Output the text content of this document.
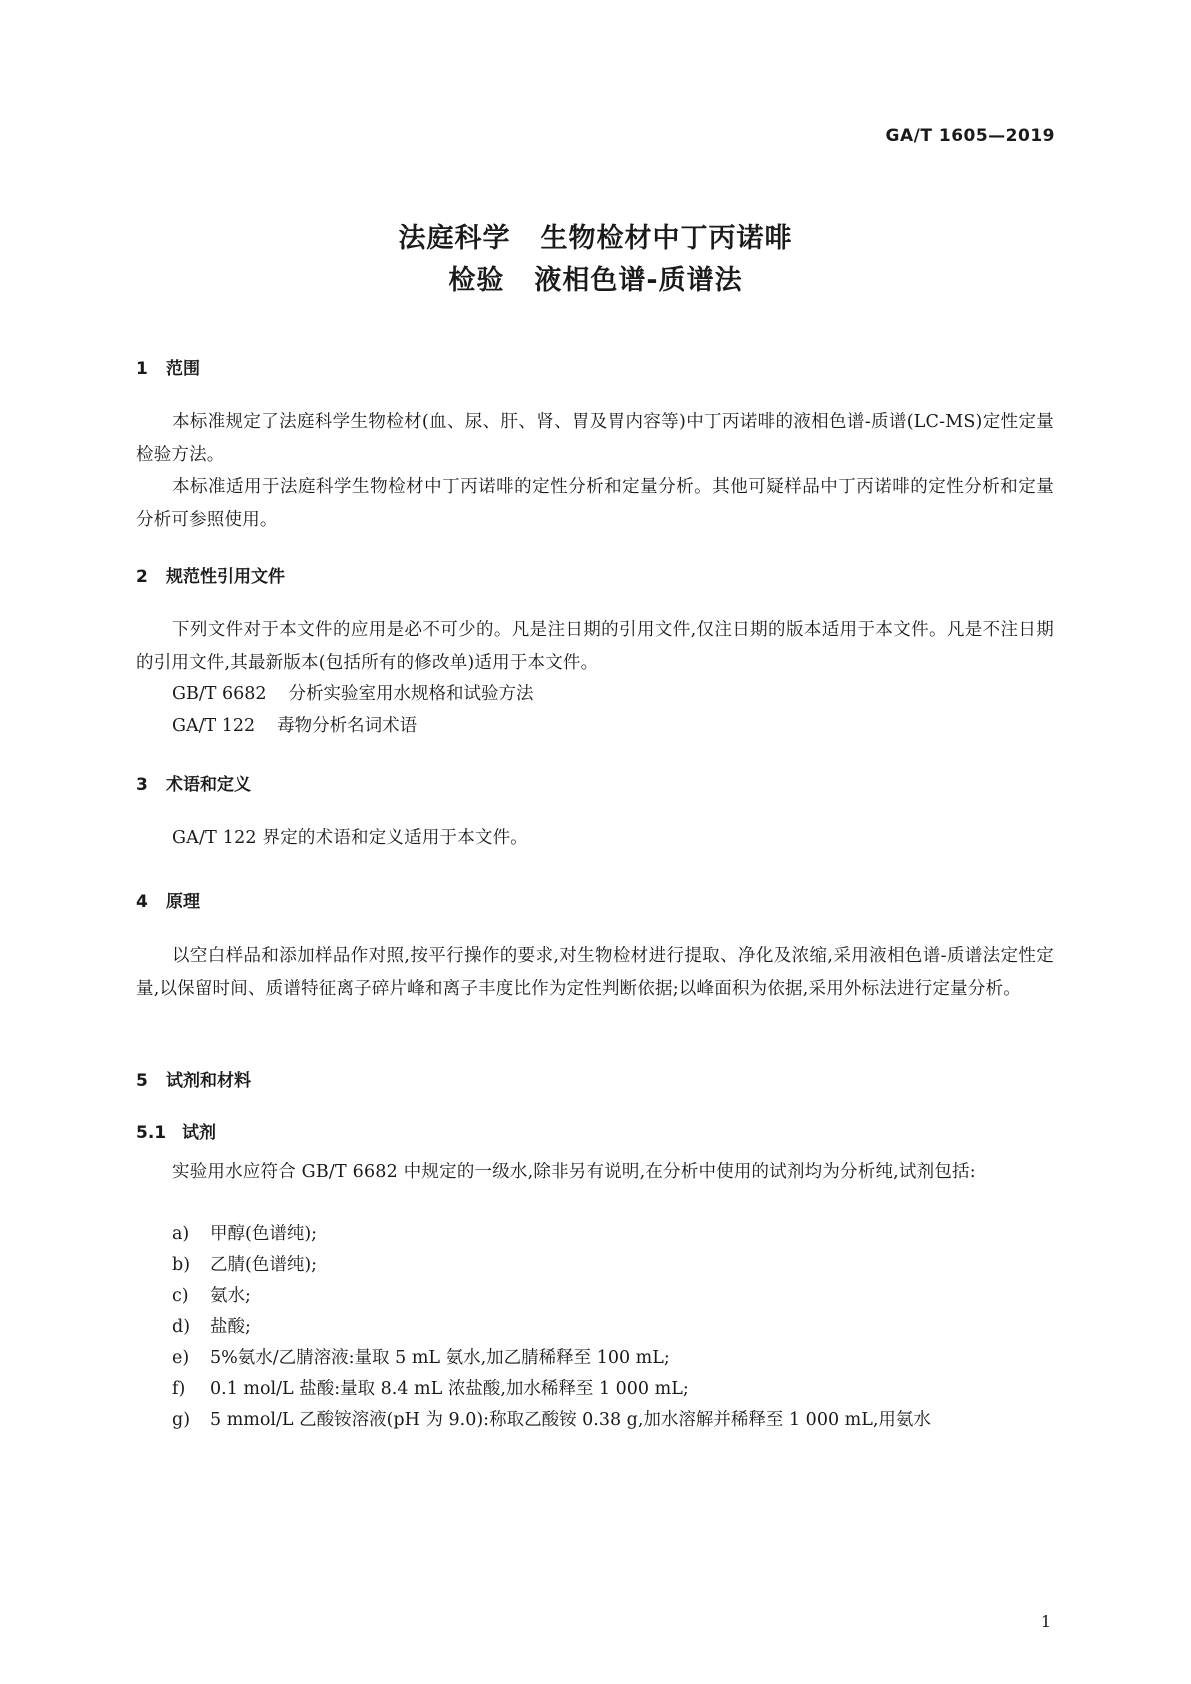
GA/T 1605—2019
法庭科学 生物检材中丁丙诺啡
检验 液相色谱-质谱法
1 范围
本标准规定了法庭科学生物检材(血、尿、肝、肾、胃及胃内容等)中丁丙诺啡的液相色谱-质谱(LC-MS)定性定量检验方法。
本标准适用于法庭科学生物检材中丁丙诺啡的定性分析和定量分析。其他可疑样品中丁丙诺啡的定性分析和定量分析可参照使用。
2 规范性引用文件
下列文件对于本文件的应用是必不可少的。凡是注日期的引用文件,仅注日期的版本适用于本文件。凡是不注日期的引用文件,其最新版本(包括所有的修改单)适用于本文件。
GB/T 6682 分析实验室用水规格和试验方法
GA/T 122 毒物分析名词术语
3 术语和定义
GA/T 122 界定的术语和定义适用于本文件。
4 原理
以空白样品和添加样品作对照,按平行操作的要求,对生物检材进行提取、净化及浓缩,采用液相色谱-质谱法定性定量,以保留时间、质谱特征离子碎片峰和离子丰度比作为定性判断依据;以峰面积为依据,采用外标法进行定量分析。
5 试剂和材料
5.1 试剂
实验用水应符合 GB/T 6682 中规定的一级水,除非另有说明,在分析中使用的试剂均为分析纯,试剂包括:
a) 甲醇(色谱纯);
b) 乙腈(色谱纯);
c) 氨水;
d) 盐酸;
e) 5%氨水/乙腈溶液:量取 5 mL 氨水,加乙腈稀释至 100 mL;
f) 0.1 mol/L 盐酸:量取 8.4 mL 浓盐酸,加水稀释至 1 000 mL;
g) 5 mmol/L 乙酸铵溶液(pH 为 9.0):称取乙酸铵 0.38 g,加水溶解并稀释至 1 000 mL,用氨水
1
